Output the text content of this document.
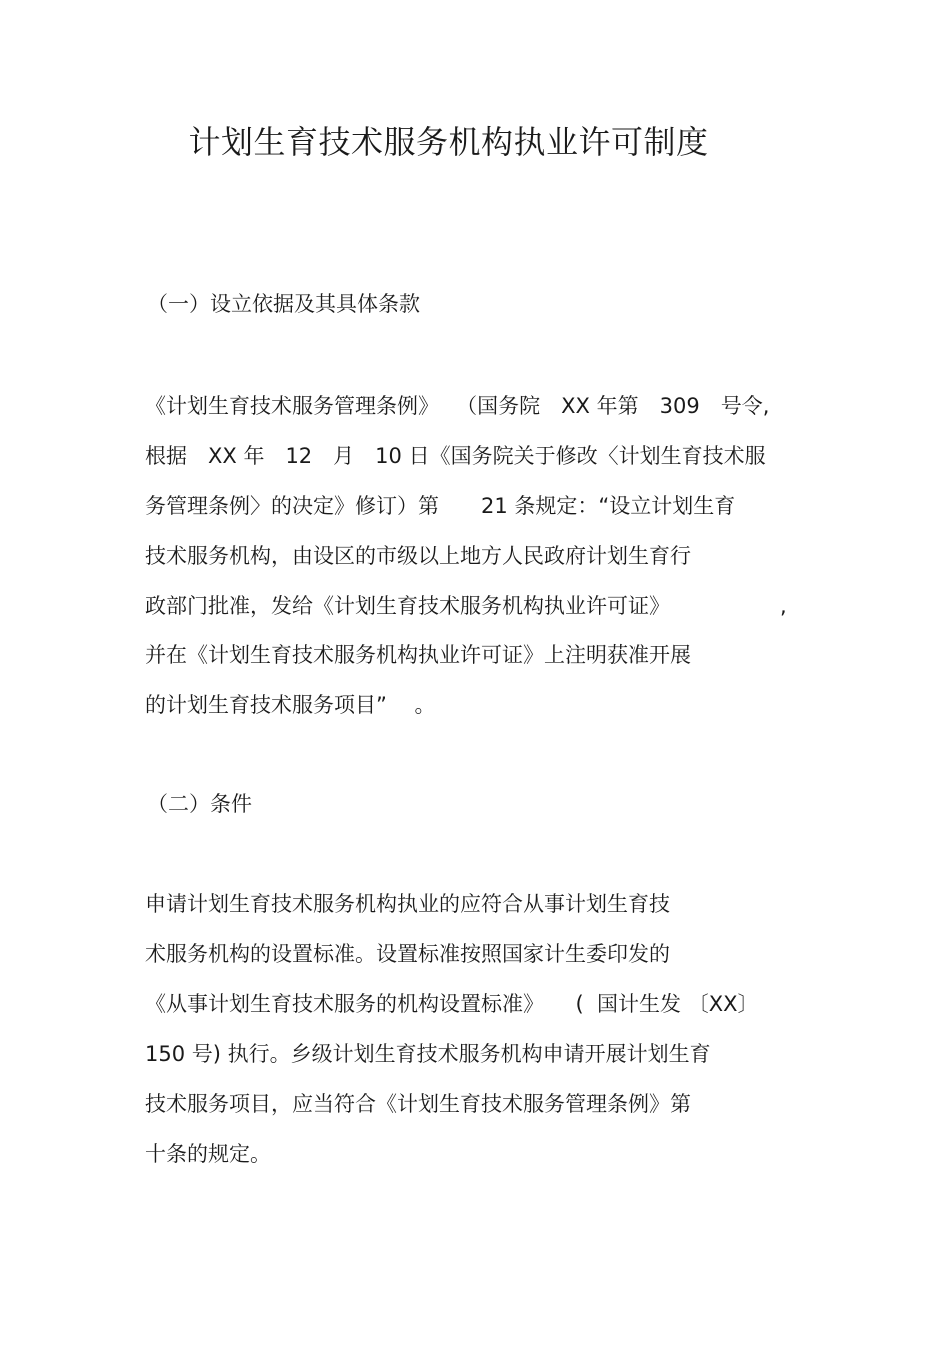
计划生育技术服务机构执业许可制度

（一）设立依据及其具体条款

《计划生育技术服务管理条例》　 （国务院　XX 年第　309　号令,

根据　XX 年　12　月　10 日《国务院关于修改〈计划生育技术服

务管理条例〉的决定》修订）第　　21 条规定：“设立计划生育

技术服务机构，由设区的市级以上地方人民政府计划生育行

政部门批准，发给《计划生育技术服务机构执业许可证》	,

并在《计划生育技术服务机构执业许可证》上注明获准开展

的计划生育技术服务项目”　 。

（二）条件

申请计划生育技术服务机构执业的应符合从事计划生育技

术服务机构的设置标准。设置标准按照国家计生委印发的

《从事计划生育技术服务的机构设置标准》　　(  国计生发 〔XX〕

150 号) 执行。乡级计划生育技术服务机构申请开展计划生育

技术服务项目，应当符合《计划生育技术服务管理条例》第

十条的规定。
